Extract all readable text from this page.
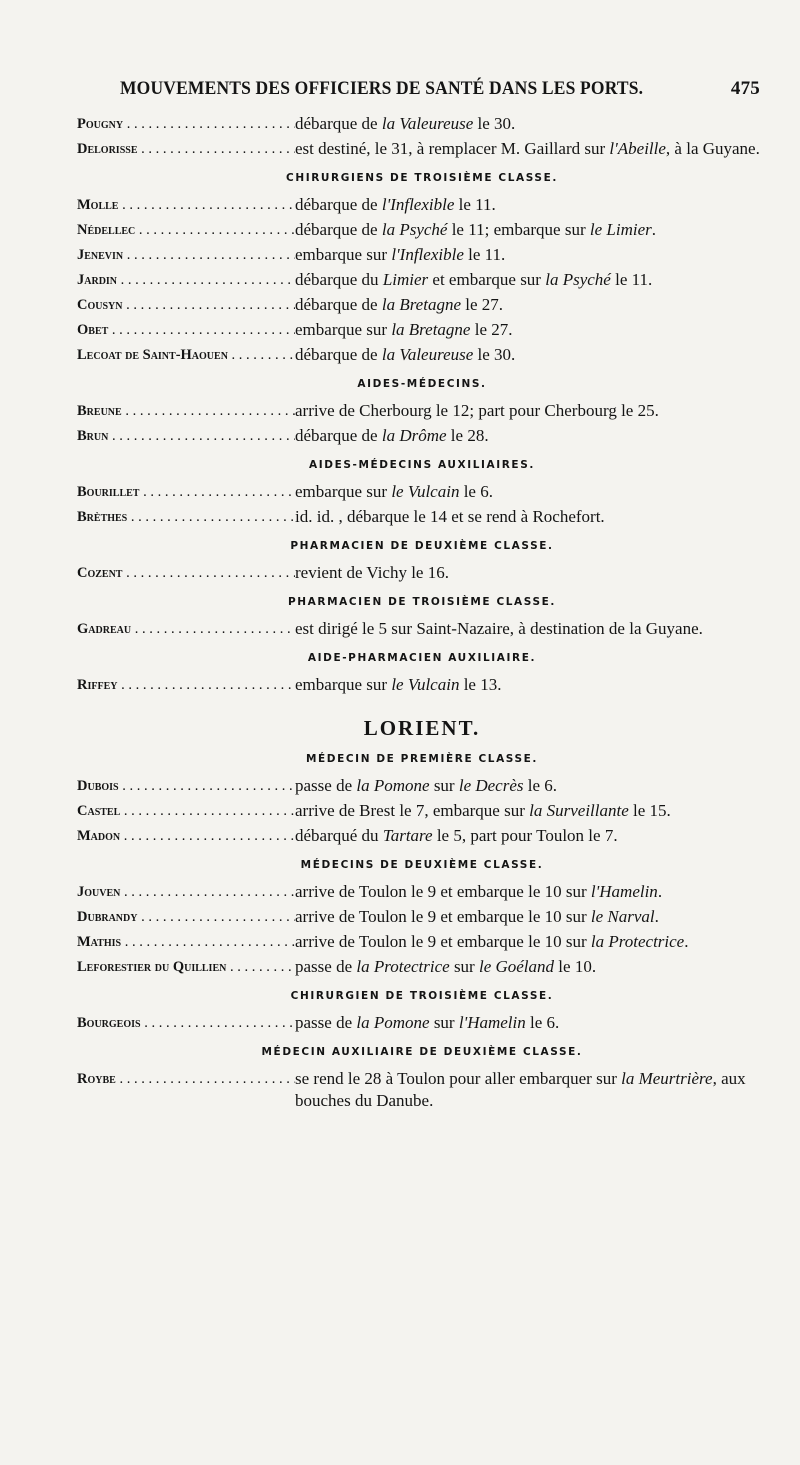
MOUVEMENTS DES OFFICIERS DE SANTÉ DANS LES PORTS.	475
Pougny . . .	débarque de la Valeureuse le 30.
Delorisse . . .	est destiné, le 31, à remplacer M. Gaillard sur l'Abeille, à la Guyane.
CHIRURGIENS DE TROISIÈME CLASSE.
Molle . . .	débarque de l'Inflexible le 11.
Nédellec . . .	débarque de la Psyché le 11; embarque sur le Limier.
Jenevin . . .	embarque sur l'Inflexible le 11.
Jardin . . .	débarque du Limier et embarque sur la Psyché le 11.
Cousyn . . .	débarque de la Bretagne le 27.
Obet . . .	embarque sur la Bretagne le 27.
Lecoat de Saint-Haouen . . .	débarque de la Valeureuse le 30.
AIDES-MÉDECINS.
Breune . . .	arrive de Cherbourg le 12; part pour Cherbourg le 25.
Brun . . .	débarque de la Drôme le 28.
AIDES-MÉDECINS AUXILIAIRES.
Bourillet . . .	embarque sur le Vulcain le 6.
Brèthes . . .	id. id. , débarque le 14 et se rend à Rochefort.
PHARMACIEN DE DEUXIÈME CLASSE.
Cozent . . .	revient de Vichy le 16.
PHARMACIEN DE TROISIÈME CLASSE.
Gadreau . . .	est dirigé le 5 sur Saint-Nazaire, à destination de la Guyane.
AIDE-PHARMACIEN AUXILIAIRE.
Riffey . . .	embarque sur le Vulcain le 13.
LORIENT.
MÉDECIN DE PREMIÈRE CLASSE.
Dubois . . .	passe de la Pomone sur le Decrès le 6.
Castel . . .	arrive de Brest le 7, embarque sur la Surveillante le 15.
Madon . . .	débarqué du Tartare le 5, part pour Toulon le 7.
MÉDECINS DE DEUXIÈME CLASSE.
Jouven . . .	arrive de Toulon le 9 et embarque le 10 sur l'Hamelin.
Dubrandy . . .	arrive de Toulon le 9 et embarque le 10 sur le Narval.
Mathis . . .	arrive de Toulon le 9 et embarque le 10 sur la Protectrice.
Leforestier du Quillien . . .	passe de la Protectrice sur le Goéland le 10.
CHIRURGIEN DE TROISIÈME CLASSE.
Bourgeois . . .	passe de la Pomone sur l'Hamelin le 6.
MÉDECIN AUXILIAIRE DE DEUXIÈME CLASSE.
Roybe . . .	se rend le 28 à Toulon pour aller embarquer sur la Meurtrière, aux bouches du Danube.
